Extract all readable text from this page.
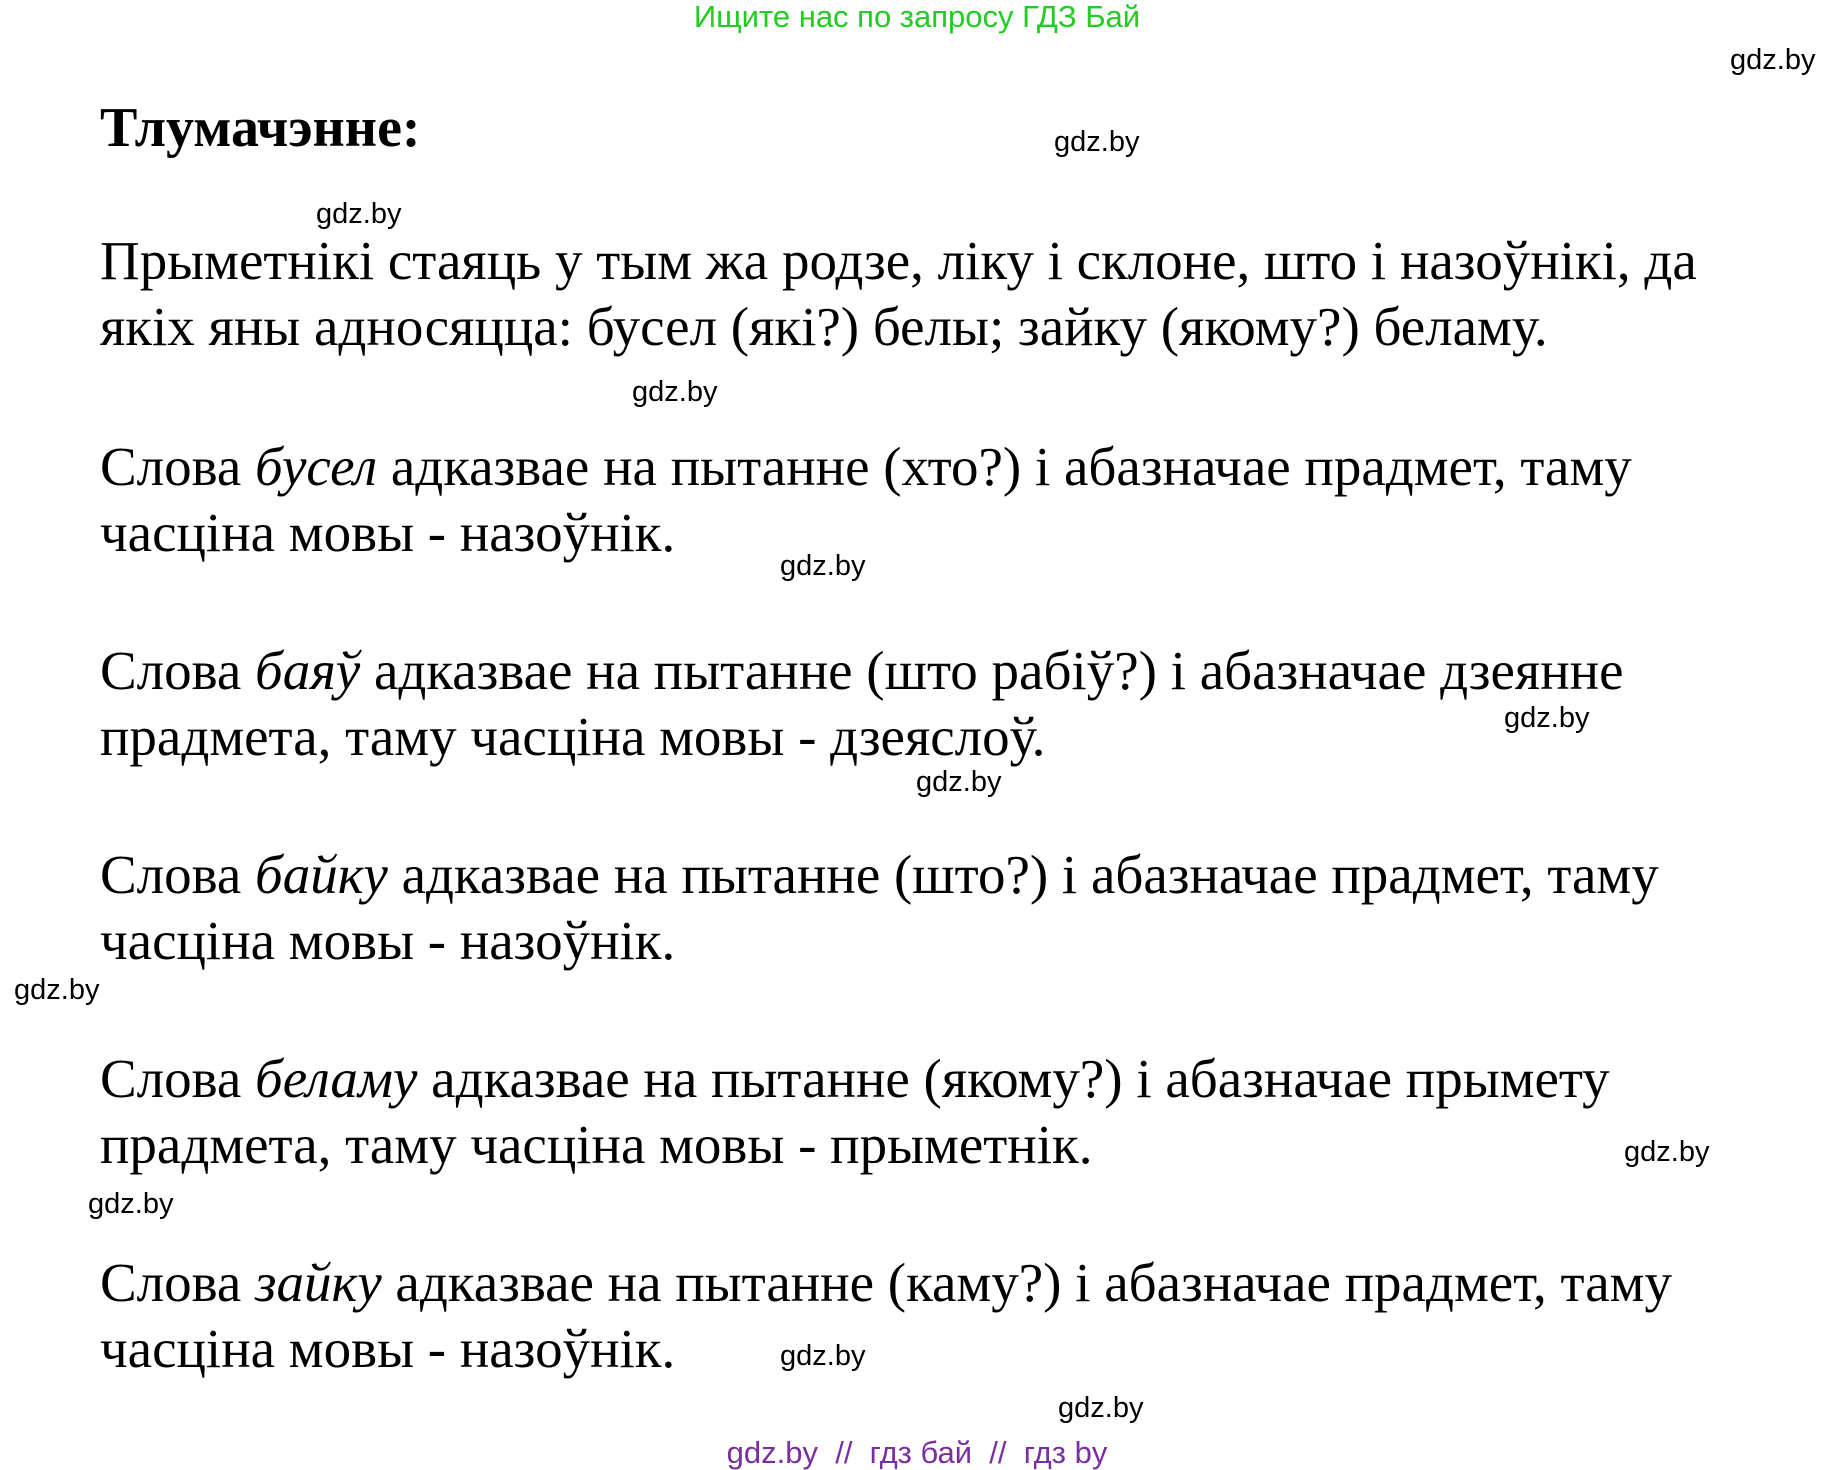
Ищите нас по запросу ГДЗ Бай
Тлумачэнне:

Прыметнікі стаяць у тым жа родзе, ліку і склоне, што і назоўнікі, да
якіх яны адносяцца: бусел (які?) белы; зайку (якому?) беламу.

Слова бусел адказвае на пытанне (хто?) і абазначае прадмет, таму
часціна мовы - назоўнік.

Слова баяў адказвае на пытанне (што рабіў?) і абазначае дзеянне
прадмета, таму часціна мовы - дзеяслоў.

Слова байку адказвае на пытанне (што?) і абазначае прадмет, таму
часціна мовы - назоўнік.

Слова беламу адказвае на пытанне (якому?) і абазначае прымету
прадмета, таму часціна мовы - прыметнік.

Слова зайку адказвае на пытанне (каму?) і абазначае прадмет, таму
часціна мовы - назоўнік.

gdz.by
gdz.by
gdz.by
gdz.by
gdz.by
gdz.by
gdz.by
gdz.by
gdz.by
gdz.by
gdz.by
gdz.by
gdz.by  //  гдз бай  //  гдз by
